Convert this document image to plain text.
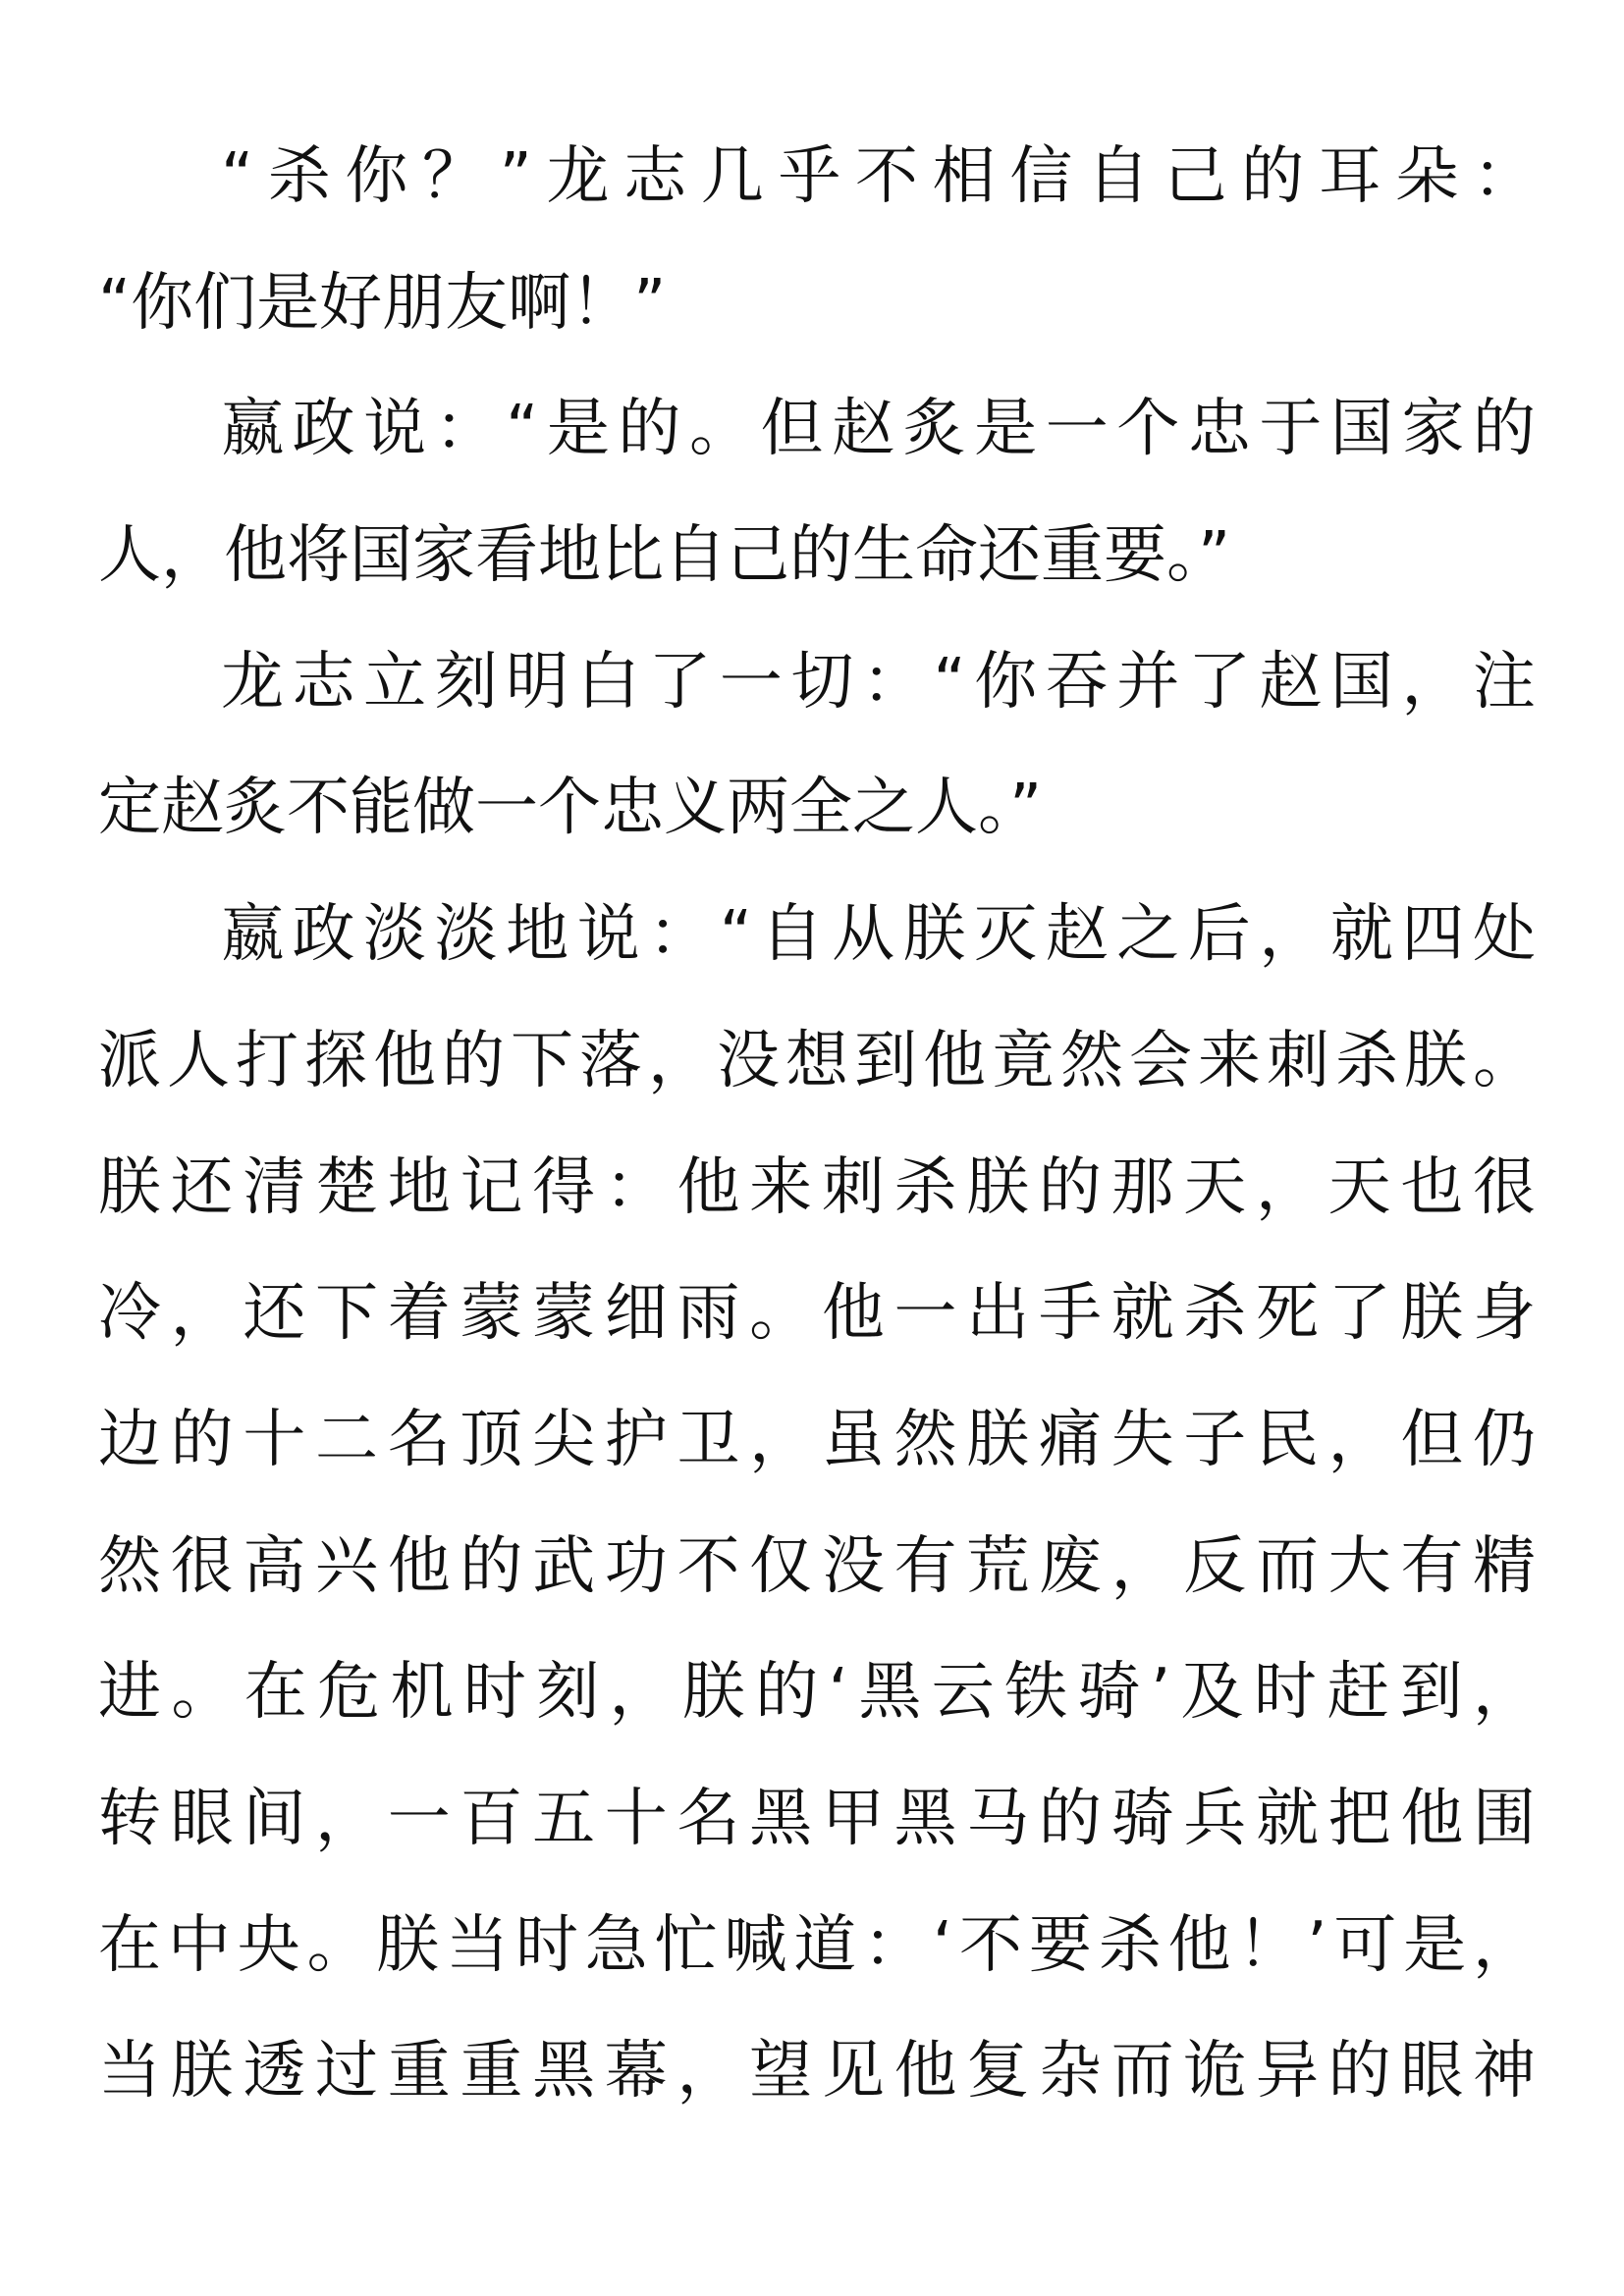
“杀你？”龙志几乎不相信自己的耳朵：
“你们是好朋友啊！”
嬴政说：“是的。但赵炙是一个忠于国家的
人，他将国家看地比自己的生命还重要。”
龙志立刻明白了一切：“你吞并了赵国，注
定赵炙不能做一个忠义两全之人。”
嬴政淡淡地说：“自从朕灭赵之后，就四处
派人打探他的下落，没想到他竟然会来刺杀朕。
朕还清楚地记得：他来刺杀朕的那天，天也很
冷，还下着蒙蒙细雨。他一出手就杀死了朕身
边的十二名顶尖护卫，虽然朕痛失子民，但仍
然很高兴他的武功不仅没有荒废，反而大有精
进。在危机时刻，朕的‘黑云铁骑’及时赶到，
转眼间，一百五十名黑甲黑马的骑兵就把他围
在中央。朕当时急忙喊道：‘不要杀他！’可是，
当朕透过重重黑幕，望见他复杂而诡异的眼神
